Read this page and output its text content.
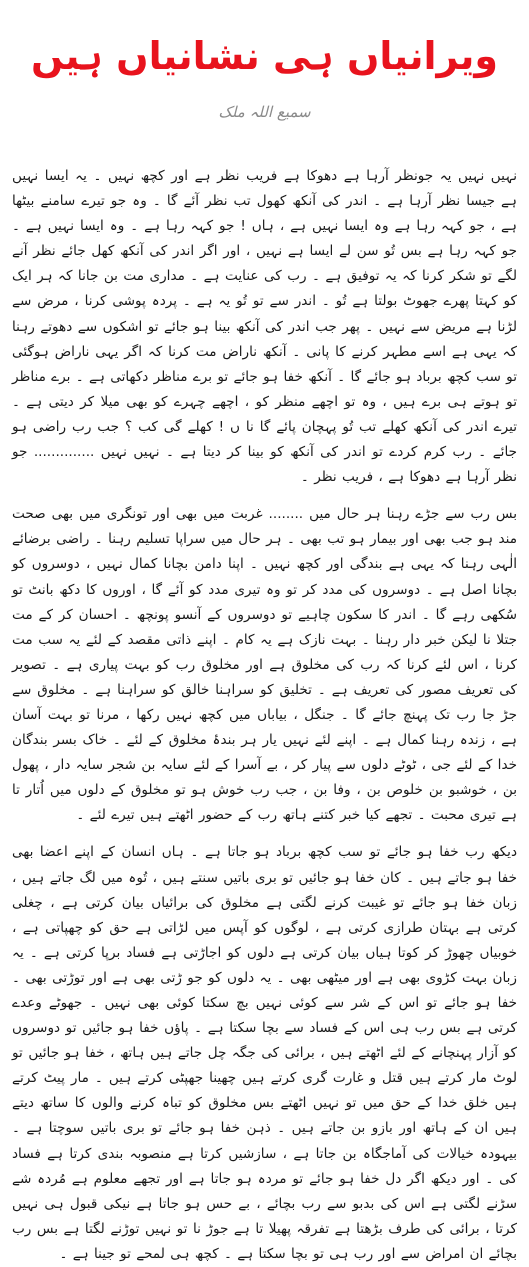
ویرانیاں ہی نشانیاں ہیں
سمیع اللہ ملک

نہیں نہیں یہ جونظر آرہا ہے دھوکا ہے فریب نظر ہے اور کچھ نہیں ۔ یہ ایسا نہیں ہے جیسا نظر آرہا ہے ۔ اندر کی آنکھ کھول تب نظر آئے گا ۔ وہ جو تیرے سامنے بیٹھا ہے ، جو کہہ رہا ہے وہ ایسا نہیں ہے ، ہاں ! جو کہہ رہا ہے ۔ وہ ایسا نہیں ہے ۔ جو کہہ رہا ہے بس تُو سن لے ایسا ہے نہیں ، اور اگر اندر کی آنکھ کھل جائے نظر آنے لگے تو شکر کرنا کہ یہ توفیق ہے ۔ رب کی عنایت ہے ۔ مداری مت بن جانا کہ ہر ایک کو کہتا پھرے جھوٹ بولتا ہے تُو ۔ اندر سے تو تُو یہ ہے ۔ پردہ پوشی کرنا ، مرض سے لڑنا ہے مریض سے نہیں ۔ پھر جب اندر کی آنکھ بینا ہو جائے تو اشکوں سے دھوتے رہنا کہ یہی ہے اسے مطہر کرنے کا پانی ۔ آنکھ ناراض مت کرنا کہ اگر یہی ناراض ہوگئی تو سب کچھ برباد ہو جائے گا ۔ آنکھ خفا ہو جائے تو برے مناظر دکھاتی ہے ۔ برے مناظر تو ہوتے ہی برے ہیں ، وہ تو اچھے منظر کو ، اچھے چہرے کو بھی میلا کر دیتی ہے ۔ تیرے اندر کی آنکھ کھلے تب تُو پہچان پائے گا نا ں ! کھلے گی کب ؟ جب رب راضی ہو جائے ۔ رب کرم کردے تو اندر کی آنکھ کو بینا کر دیتا ہے ۔ نہیں نہیں .............. جو نظر آرہا ہے دھوکا ہے ، فریب نظر ۔

بس رب سے جڑے رہنا ہر حال میں ........ غربت میں بھی اور تونگری میں بھی صحت مند ہو جب بھی اور بیمار ہو تب بھی ۔ ہر حال میں سراپا تسلیم رہنا ۔ راضی برضائے الٰہی رہنا کہ یہی ہے بندگی اور کچھ نہیں ۔ اپنا دامن بچانا کمال نہیں ، دوسروں کو بچانا اصل ہے ۔ دوسروں کی مدد کر تو وہ تیری مدد کو آئے گا ، اوروں کا دکھ بانٹ تو سُکھی رہے گا ۔ اندر کا سکون چاہیے تو دوسروں کے آنسو پونچھ ۔ احسان کر کے مت جتلا نا لیکن خبر دار رہنا ۔ بہت نازک ہے یہ کام ۔ اپنے ذاتی مقصد کے لئے یہ سب مت کرنا ، اس لئے کرنا کہ رب کی مخلوق ہے اور مخلوق رب کو بہت پیاری ہے ۔ تصویر کی تعریف مصور کی تعریف ہے ۔ تخلیق کو سراہنا خالق کو سراہنا ہے ۔ مخلوق سے جڑ جا رب تک پہنچ جائے گا ۔ جنگل ، بیاباں میں کچھ نہیں رکھا ، مرنا تو بہت آسان ہے ، زندہ رہنا کمال ہے ۔ اپنے لئے نہیں یار ہر بندۂ مخلوق کے لئے ۔ خاک بسر بندگان خدا کے لئے جی ، ٹوٹے دلوں سے پیار کر ، بے آسرا کے لئے سایہ بن شجر سایہ دار ، پھول بن ، خوشبو بن خلوص بن ، وفا بن ، جب رب خوش ہو تو مخلوق کے دلوں میں اُتار تا ہے تیری محبت ۔ تجھے کیا خبر کتنے ہاتھ رب کے حضور اٹھتے ہیں تیرے لئے ۔

دیکھ رب خفا ہو جائے تو سب کچھ برباد ہو جاتا ہے ۔ ہاں انسان کے اپنے اعضا بھی خفا ہو جاتے ہیں ۔ کان خفا ہو جائیں تو بری باتیں سنتے ہیں ، تُوہ میں لگ جاتے ہیں ، زبان خفا ہو جائے تو غیبت کرنے لگتی ہے مخلوق کی برائیاں بیان کرتی ہے ، چغلی کرتی ہے بہتان طرازی کرتی ہے ، لوگوں کو آپس میں لڑاتی ہے حق کو چھپاتی ہے ، خوبیاں چھوڑ کر کوتا ہیاں بیان کرتی ہے دلوں کو اجاڑتی ہے فساد برپا کرتی ہے ۔ یہ زبان بہت کڑوی بھی ہے اور میٹھی بھی ۔ یہ دلوں کو جو ڑتی بھی ہے اور توڑتی بھی ۔ خفا ہو جائے تو اس کے شر سے کوئی نہیں بچ سکتا کوئی بھی نہیں ۔ جھوٹے وعدے کرتی ہے بس رب ہی اس کے فساد سے بچا سکتا ہے ۔ پاؤں خفا ہو جائیں تو دوسروں کو آزار پہنچانے کے لئے اٹھتے ہیں ، برائی کی جگہ چل جاتے ہیں ہاتھ ، خفا ہو جائیں تو لوٹ مار کرتے ہیں قتل و غارت گری کرتے ہیں چھینا جھپٹی کرتے ہیں ۔ مار پیٹ کرتے ہیں خلق خدا کے حق میں تو نہیں اٹھتے بس مخلوق کو تباہ کرنے والوں کا ساتھ دیتے ہیں ان کے ہاتھ اور بازو بن جاتے ہیں ۔ ذہن خفا ہو جائے تو بری باتیں سوچتا ہے ۔ بیہودہ خیالات کی آماجگاہ بن جاتا ہے ، سازشیں کرتا ہے منصوبہ بندی کرتا ہے فساد کی ۔ اور دیکھ اگر دل خفا ہو جائے تو مردہ ہو جاتا ہے اور تجھے معلوم ہے مُردہ شے سڑنے لگتی ہے اس کی بدبو سے رب بچائے ، بے حس ہو جاتا ہے نیکی قبول ہی نہیں کرتا ، برائی کی طرف بڑھتا ہے تفرقہ پھیلا تا ہے جوڑ نا تو نہیں توڑنے لگتا ہے بس رب بچائے ان امراض سے اور رب ہی تو بچا سکتا ہے ۔ کچھ ہی لمحے تو جینا ہے ۔
